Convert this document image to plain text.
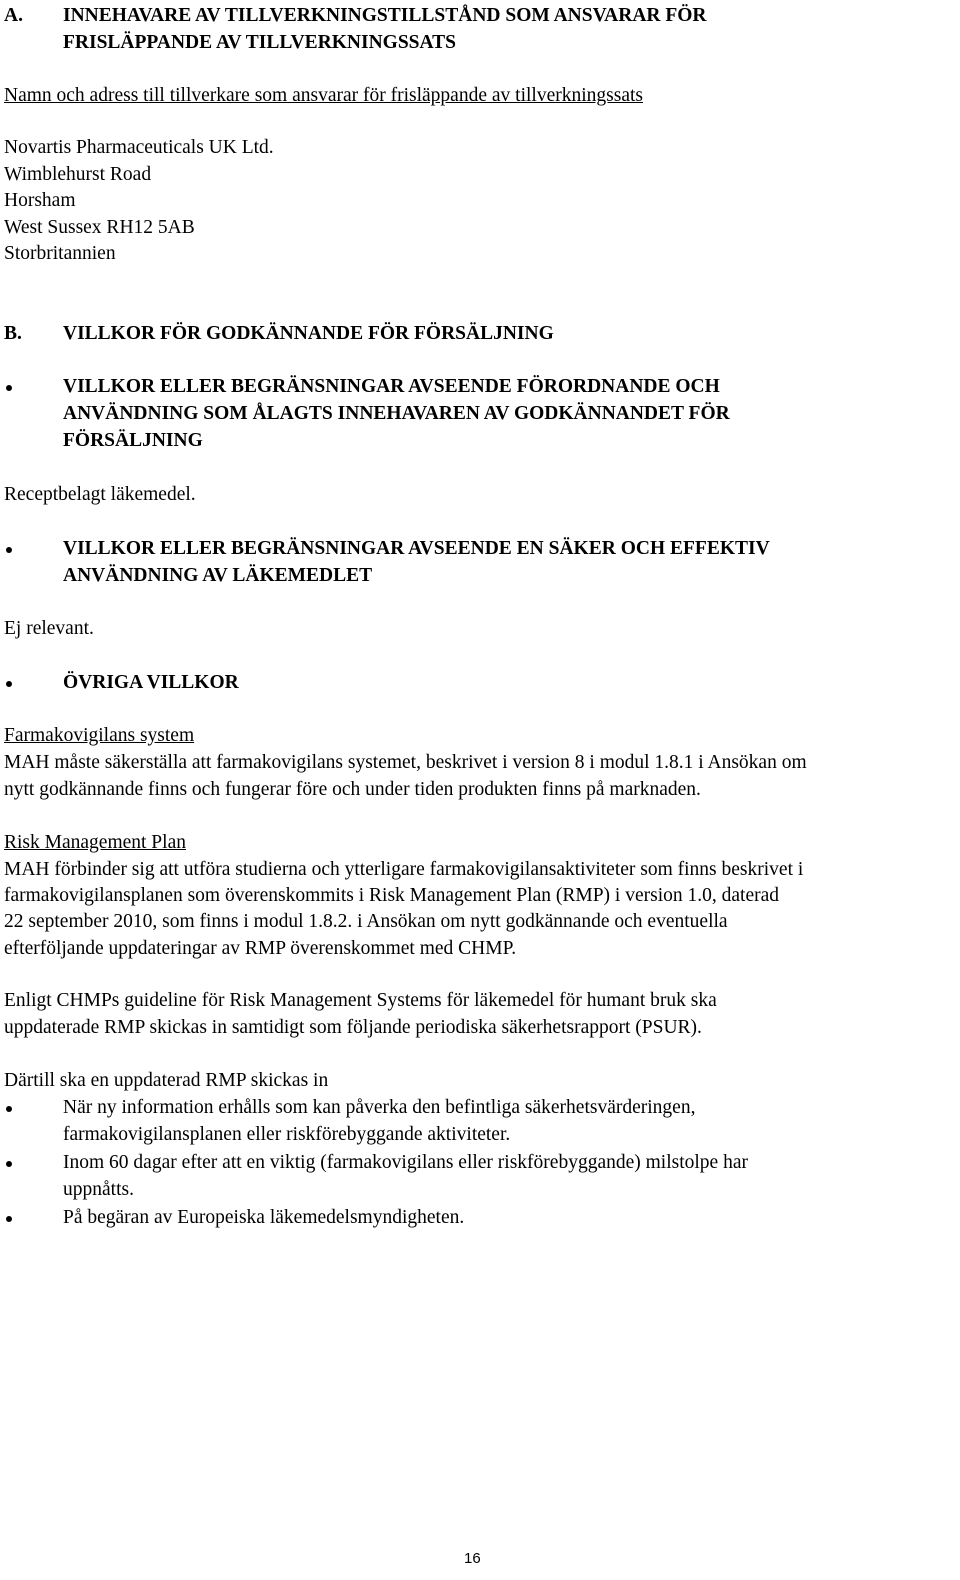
A. INNEHAVARE AV TILLVERKNINGSTILLSTÅND SOM ANSVARAR FÖR
FRISLÄPPANDE AV TILLVERKNINGSSATS
Namn och adress till tillverkare som ansvarar för frisläppande av tillverkningssats
Novartis Pharmaceuticals UK Ltd.
Wimblehurst Road
Horsham
West Sussex RH12 5AB
Storbritannien
B. VILLKOR FÖR GODKÄNNANDE FÖR FÖRSÄLJNING
VILLKOR ELLER BEGRÄNSNINGAR AVSEENDE FÖRORDNANDE OCH
ANVÄNDNING SOM ÅLAGTS INNEHAVAREN AV GODKÄNNANDET FÖR
FÖRSÄLJNING
Receptbelagt läkemedel.
VILLKOR ELLER BEGRÄNSNINGAR AVSEENDE EN SÄKER OCH EFFEKTIV
ANVÄNDNING AV LÄKEMEDLET
Ej relevant.
ÖVRIGA VILLKOR
Farmakovigilans system
MAH måste säkerställa att farmakovigilans systemet, beskrivet i version 8 i modul 1.8.1 i Ansökan om
nytt godkännande finns och fungerar före och under tiden produkten finns på marknaden.
Risk Management Plan
MAH förbinder sig att utföra studierna och ytterligare farmakovigilansaktiviteter som finns beskrivet i
farmakovigilansplanen som överenskommits i Risk Management Plan (RMP) i version 1.0, daterad
22 september 2010, som finns i modul 1.8.2. i Ansökan om nytt godkännande och eventuella
efterföljande uppdateringar av RMP överenskommet med CHMP.
Enligt CHMPs guideline för Risk Management Systems för läkemedel för humant bruk ska
uppdaterade RMP skickas in samtidigt som följande periodiska säkerhetsrapport (PSUR).
Därtill ska en uppdaterad RMP skickas in
När ny information erhålls som kan påverka den befintliga säkerhetsvärderingen,
farmakovigilansplanen eller riskförebyggande aktiviteter.
Inom 60 dagar efter att en viktig (farmakovigilans eller riskförebyggande) milstolpe har
uppnåtts.
På begäran av Europeiska läkemedelsmyndigheten.
16
